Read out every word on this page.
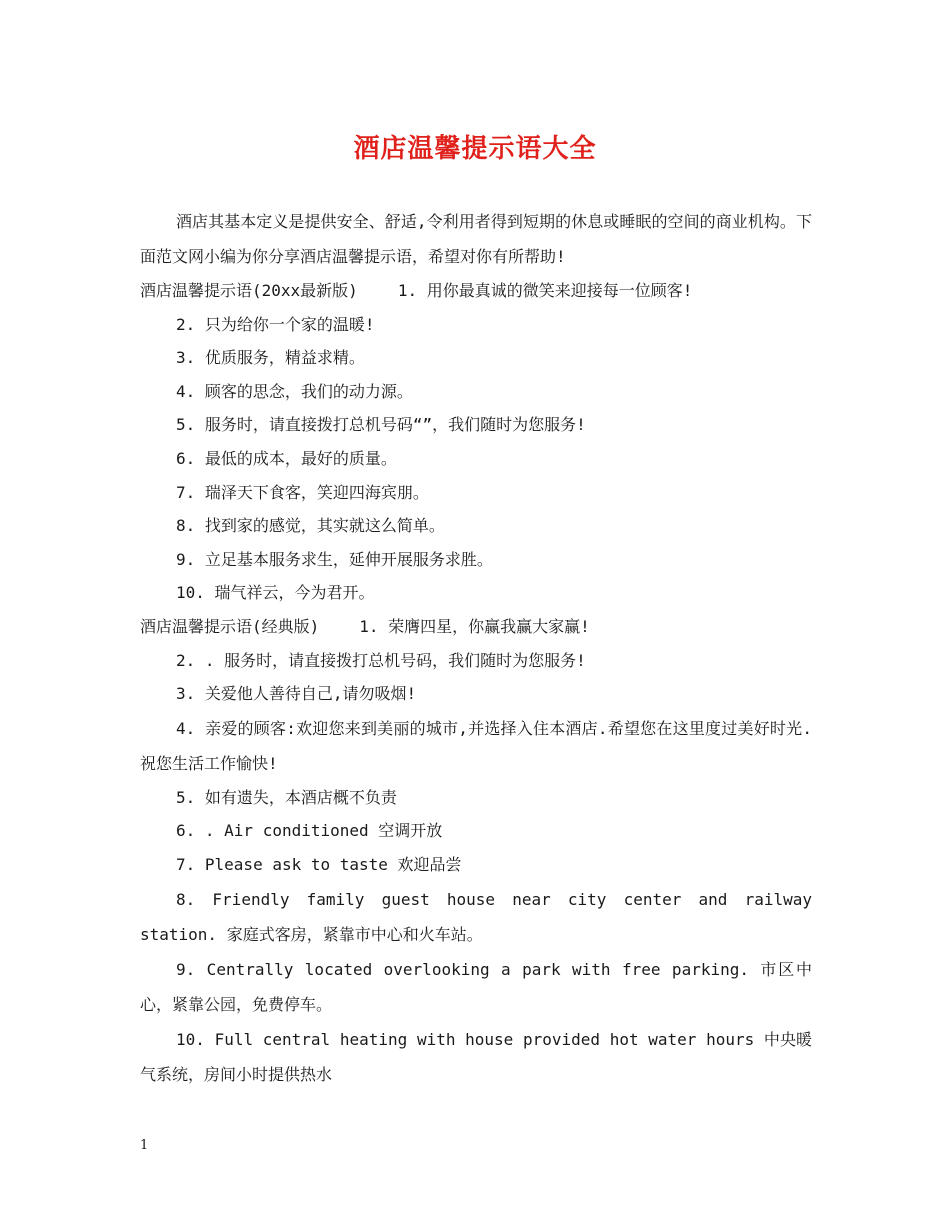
酒店温馨提示语大全

酒店其基本定义是提供安全、舒适,令利用者得到短期的休息或睡眠的空间的商业机构。下面范文网小编为你分享酒店温馨提示语，希望对你有所帮助!

酒店温馨提示语(20xx最新版)	1. 用你最真诚的微笑来迎接每一位顾客!

2. 只为给你一个家的温暖!

3. 优质服务，精益求精。

4. 顾客的思念，我们的动力源。

5. 服务时，请直接拨打总机号码“”，我们随时为您服务!

6. 最低的成本，最好的质量。

7. 瑞泽天下食客，笑迎四海宾朋。

8. 找到家的感觉，其实就这么简单。

9. 立足基本服务求生，延伸开展服务求胜。

10. 瑞气祥云，今为君开。

酒店温馨提示语(经典版)	1. 荣膺四星，你赢我赢大家赢!

2. . 服务时，请直接拨打总机号码，我们随时为您服务!

3. 关爱他人善待自己,请勿吸烟!

4. 亲爱的顾客:欢迎您来到美丽的城市,并选择入住本酒店.希望您在这里度过美好时光.祝您生活工作愉快!

5. 如有遗失，本酒店概不负责

6. . Air conditioned 空调开放

7. Please ask to taste 欢迎品尝

8. Friendly family guest house near city center and railway station. 家庭式客房，紧靠市中心和火车站。

9. Centrally located overlooking a park with free parking. 市区中心，紧靠公园，免费停车。

10. Full central heating with house provided hot water hours 中央暖气系统，房间小时提供热水

1
